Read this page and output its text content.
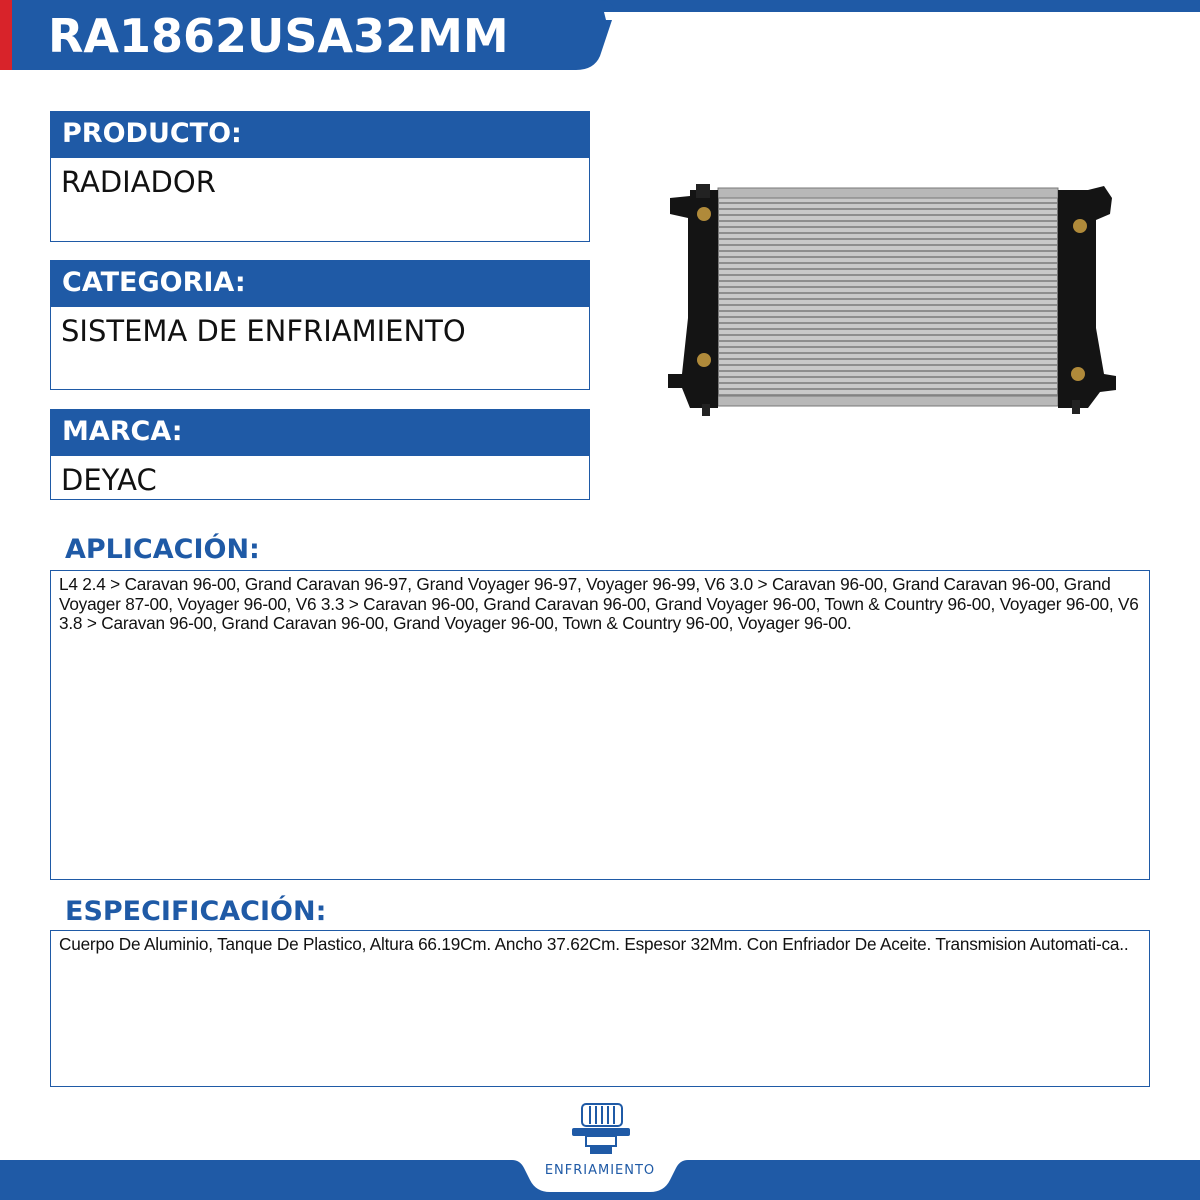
RA1862USA32MM
PRODUCTO:
RADIADOR
CATEGORIA:
SISTEMA DE ENFRIAMIENTO
MARCA:
DEYAC
APLICACIÓN:
L4 2.4 > Caravan 96-00, Grand Caravan 96-97, Grand Voyager 96-97, Voyager 96-99, V6 3.0 > Caravan 96-00, Grand Caravan 96-00, Grand Voyager 87-00, Voyager 96-00, V6 3.3 > Caravan 96-00, Grand Caravan 96-00, Grand Voyager 96-00, Town & Country 96-00, Voyager 96-00, V6 3.8 > Caravan 96-00, Grand Caravan 96-00, Grand Voyager 96-00, Town & Country 96-00, Voyager 96-00.
ESPECIFICACIÓN:
Cuerpo De Aluminio, Tanque De Plastico, Altura 66.19Cm. Ancho 37.62Cm. Espesor 32Mm. Con Enfriador De Aceite. Transmision Automati-ca..
ENFRIAMIENTO
